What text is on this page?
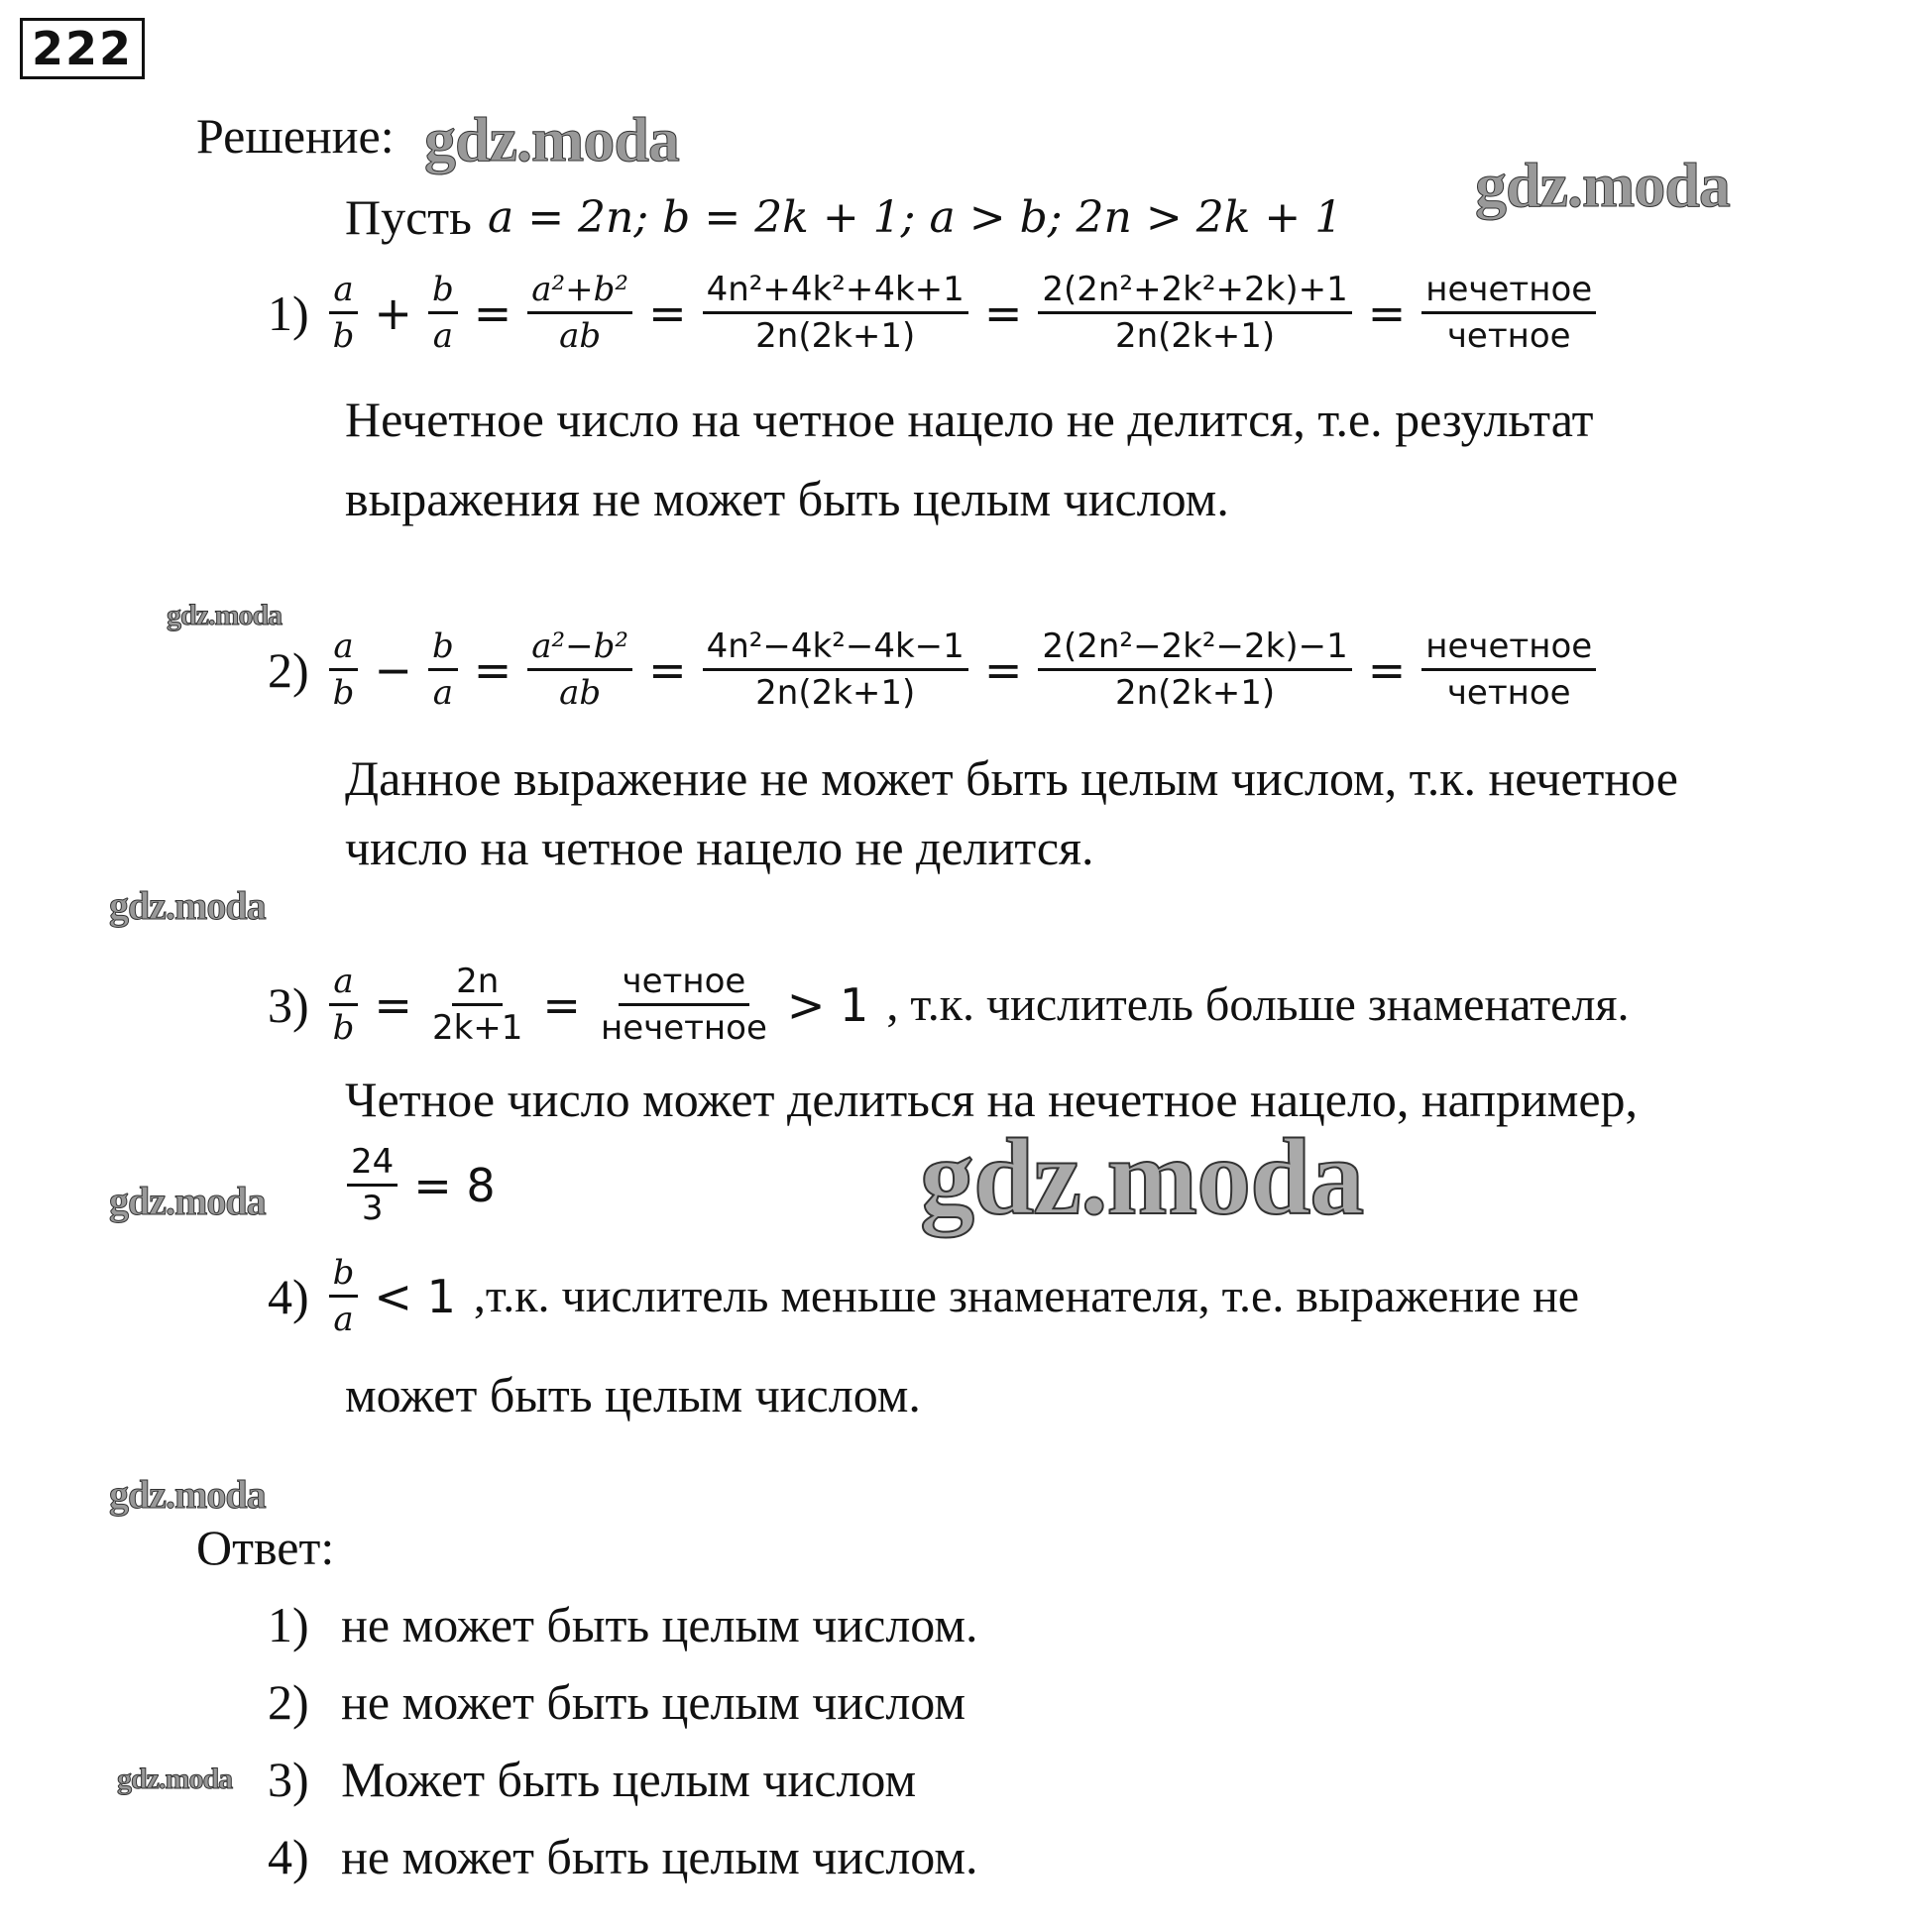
222
Решение:
Пусть a = 2n; b = 2k + 1; a > b; 2n > 2k + 1
$1) \frac{a}{b} + \frac{b}{a} = \frac{\text{a²+b²}}{ab} = \frac{\text{4n²+4k²+4k+1}}{2n(2k+1)} = \frac{\text{2(2n²+2k²+2k)+1}}{2n(2k+1)} = \frac{\text{нечетное}}{\text{четное}}$
Нечетное число на четное нацело не делится, т.е. результат
выражения не может быть целым числом.
$2) \frac{a}{b} - \frac{b}{a} = \frac{\text{a²−b²}}{ab} = \frac{\text{4n²−4k²−4k−1}}{2n(2k+1)} = \frac{\text{2(2n²−2k²−2k)−1}}{2n(2k+1)} = \frac{\text{нечетное}}{\text{четное}}$
Данное выражение не может быть целым числом, т.к. нечетное
число на четное нацело не делится.
$3) \frac{a}{b} = \frac{2n}{2k+1} = \frac{\text{четное}}{\text{нечетное}} > 1$ , т.к. числитель больше знаменателя.
Четное число может делиться на нечетное нацело, например,
$\frac{24}{3} = 8$
$4) \frac{b}{a} < 1$ ,т.к. числитель меньше знаменателя, т.е. выражение не
может быть целым числом.
Ответ:
1) не может быть целым числом.
2) не может быть целым числом
3) Может быть целым числом
4) не может быть целым числом.
gdz.moda
gdz.moda
gdz.moda
gdz.moda
gdz.moda
gdz.moda
gdz.moda
gdz.moda
